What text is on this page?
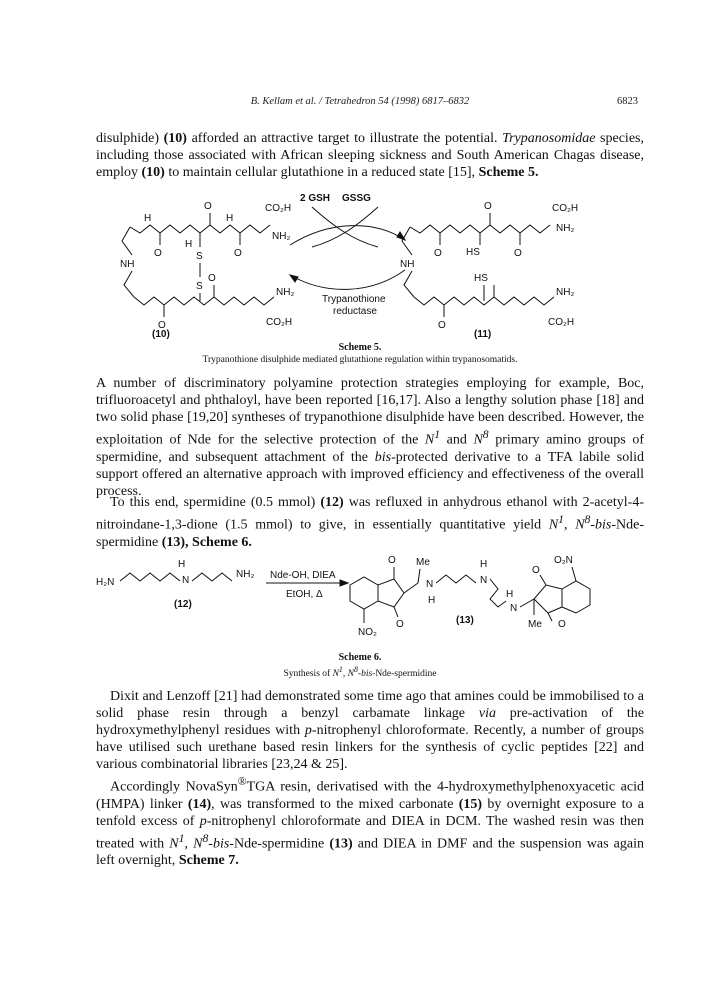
B. Kellam et al. / Tetrahedron 54 (1998) 6817–6832	6823

disulphide) (10) afforded an attractive target to illustrate the potential. Trypanosomidae species, including those associated with African sleeping sickness and South American Chagas disease, employ (10) to maintain cellular glutathione in a reduced state [15], Scheme 5.

2 GSH GSSG
Trypanothione
reductase
O
H
O
H
O
H
CO₂H
NH₂
S
S
NH
O
O
NH₂
CO₂H
(10)
O
O
O
CO₂H
NH₂
HS
NH
HS
O
NH₂
CO₂H
(11)
Scheme 5.
Trypanothione disulphide mediated glutathione regulation within trypanosomatids.

A number of discriminatory polyamine protection strategies employing for example, Boc, trifluoroacetyl and phthaloyl, have been reported [16,17]. Also a lengthy solution phase [18] and two solid phase [19,20] syntheses of trypanothione disulphide have been described. However, the exploitation of Nde for the selective protection of the $N^1$ and $N^8$ primary amino groups of spermidine, and subsequent attachment of the bis-protected derivative to a TFA labile solid support offered an alternative approach with improved efficiency and effectiveness of the overall process.

To this end, spermidine (0.5 mmol) (12) was refluxed in anhydrous ethanol with 2-acetyl-4-nitroindane-1,3-dione (1.5 mmol) to give, in essentially quantitative yield $N^1$, $N^8-bis-Nde$-spermidine (13), Scheme 6.

H₂N
H
N
NH₂
(12)
Nde-OH, DIEA
EtOH, Δ
O
O
NO₂
Me
N
H
H
N
H
N
Me
O
O
O₂N
(13)
Scheme 6.
Synthesis of $N^1$, $N^8-bis-Nde$-spermidine

Dixit and Lenzoff [21] had demonstrated some time ago that amines could be immobilised to a solid phase resin through a benzyl carbamate linkage via pre-activation of the hydroxymethylphenyl residues with p-nitrophenyl chloroformate. Recently, a number of groups have utilised such urethane based resin linkers for the synthesis of cyclic peptides [22] and various combinatorial libraries [23,24 & 25].

Accordingly NovaSyn®TGA resin, derivatised with the 4-hydroxymethylphenoxyacetic acid (HMPA) linker (14), was transformed to the mixed carbonate (15) by overnight exposure to a tenfold excess of p-nitrophenyl chloroformate and DIEA in DCM. The washed resin was then treated with $N^1$, $N^8-bis-Nde$-spermidine (13) and DIEA in DMF and the suspension was again left overnight, Scheme 7.
